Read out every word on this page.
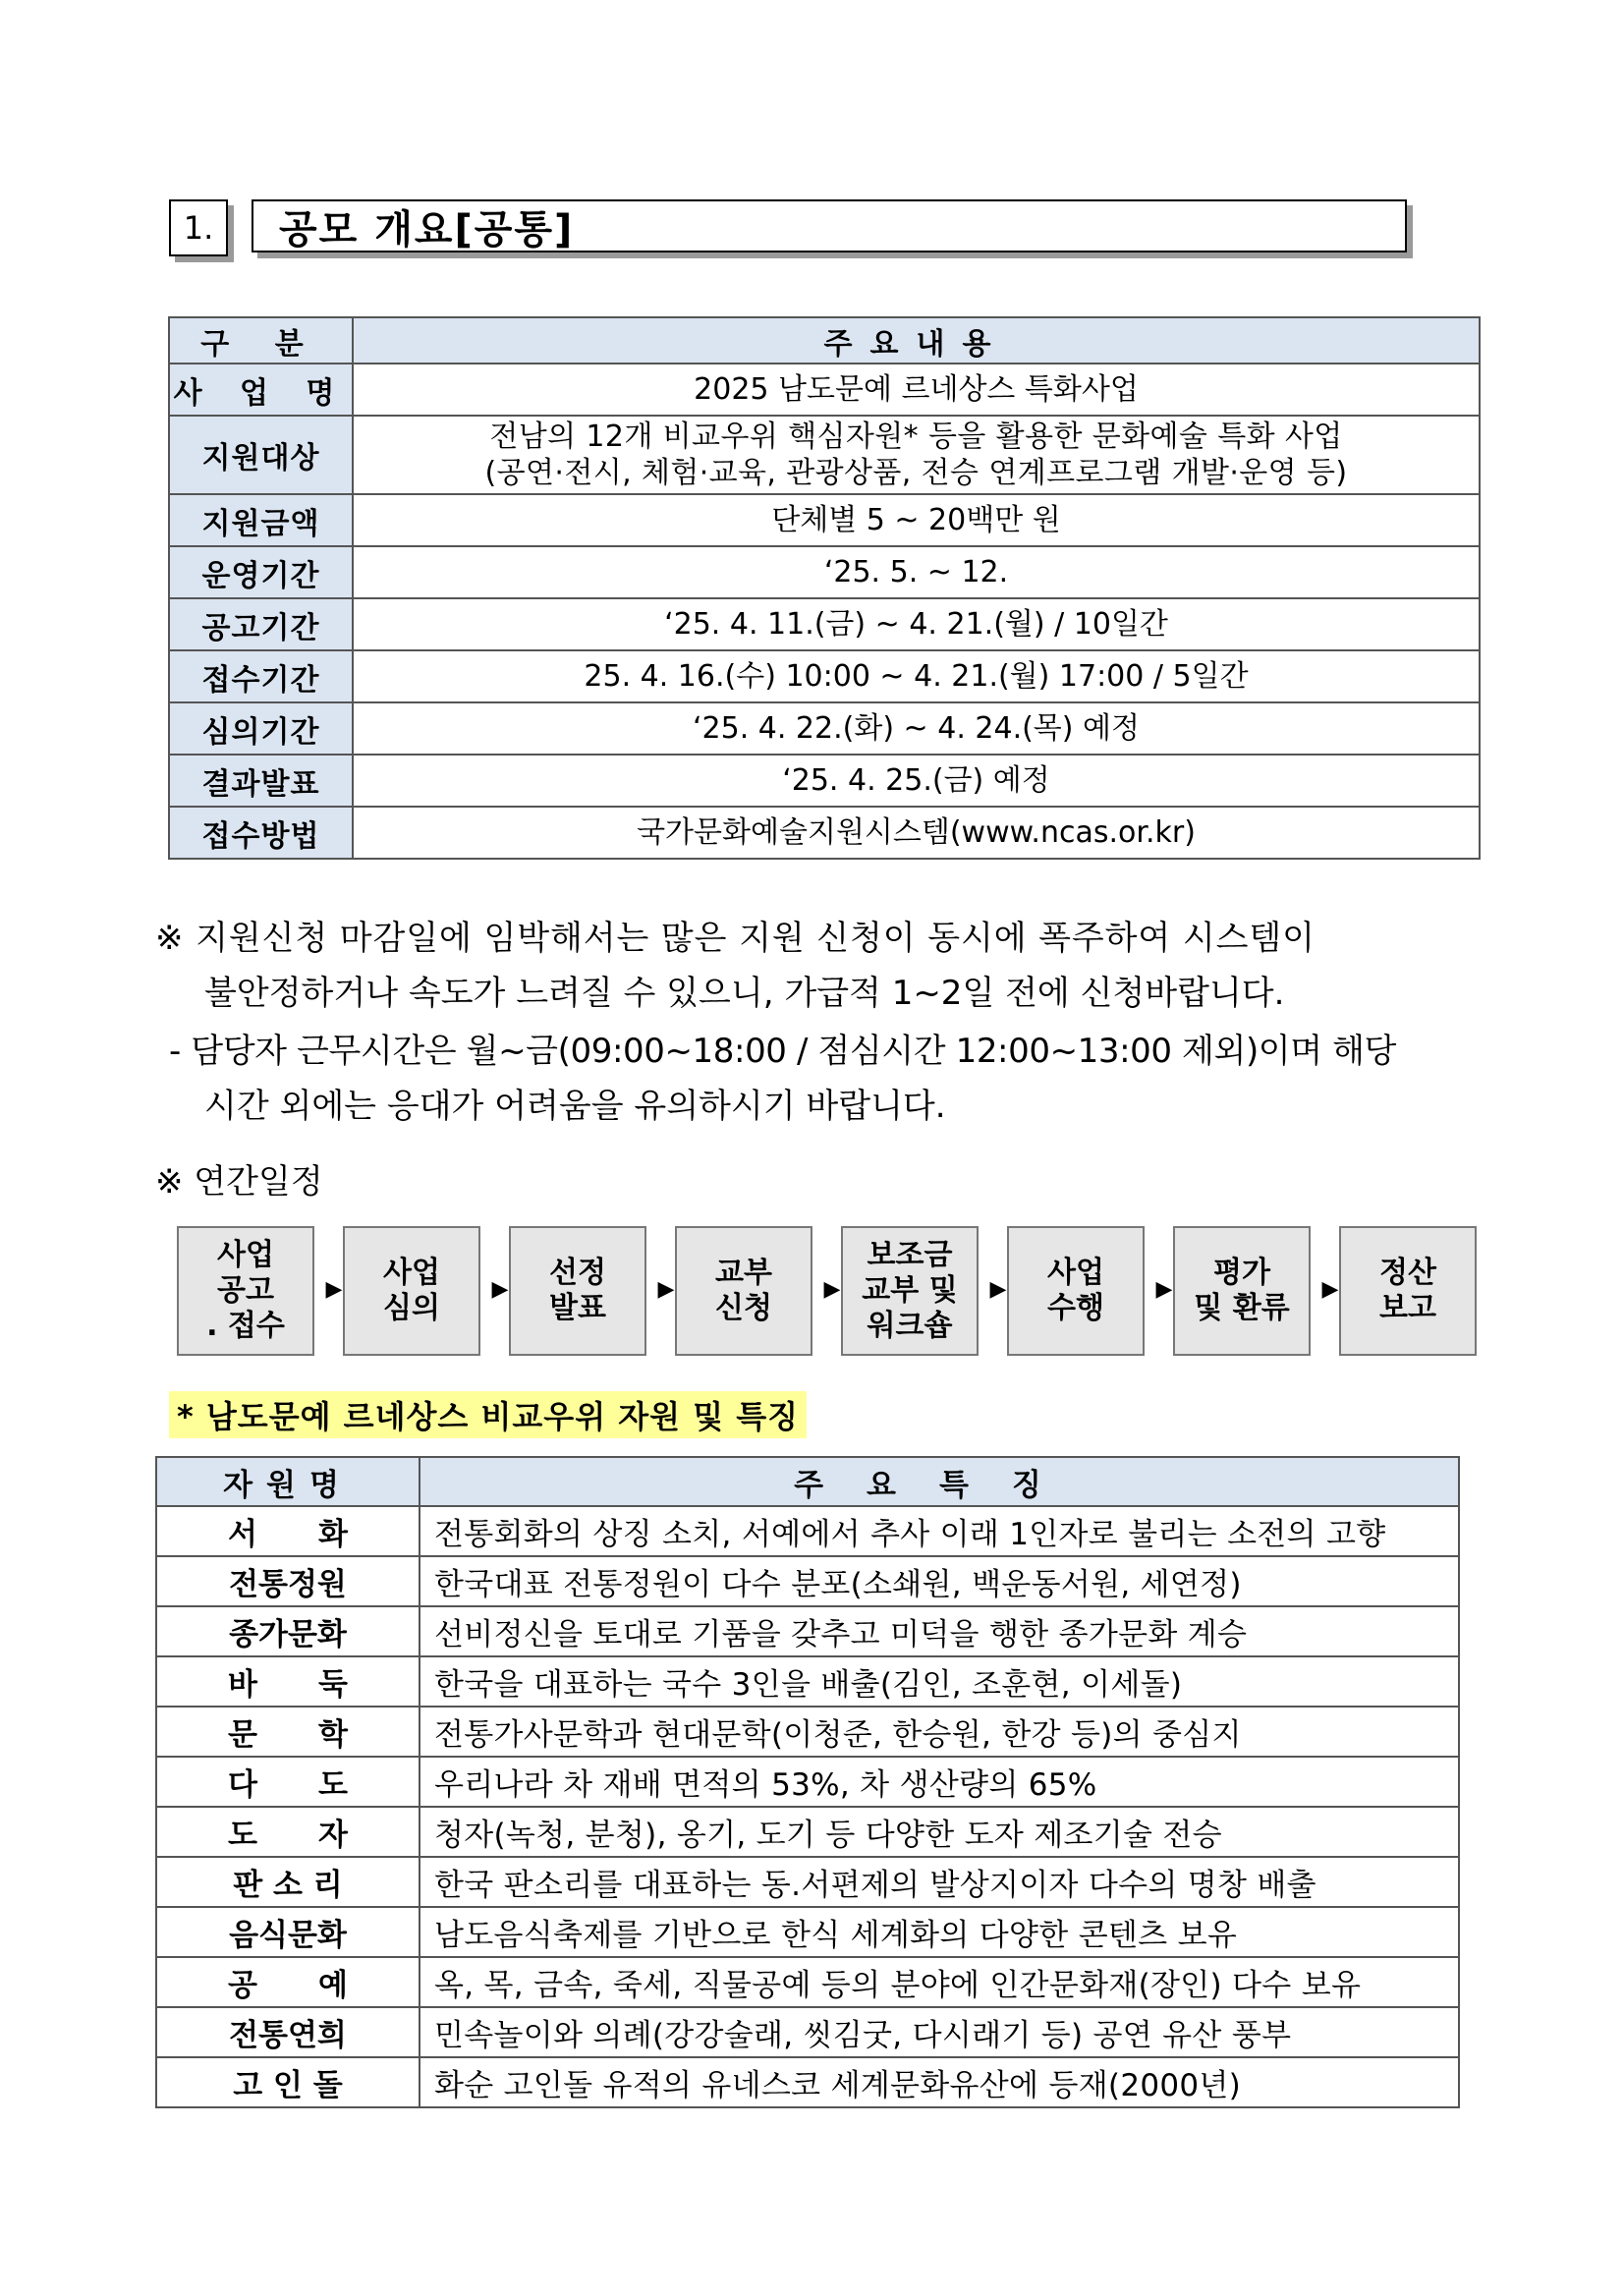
1.	공모 개요[공통]
구 분	주요내용
사 업 명	2025 남도문예 르네상스 특화사업
지원대상	전남의 12개 비교우위 핵심자원* 등을 활용한 문화예술 특화 사업
(공연·전시, 체험·교육, 관광상품, 전승 연계프로그램 개발·운영 등)
지원금액	단체별 5 ~ 20백만 원
운영기간	‘25. 5. ~ 12.
공고기간	‘25. 4. 11.(금) ~ 4. 21.(월) / 10일간
접수기간	25. 4. 16.(수) 10:00 ~ 4. 21.(월) 17:00 / 5일간
심의기간	‘25. 4. 22.(화) ~ 4. 24.(목) 예정
결과발표	‘25. 4. 25.(금) 예정
접수방법	국가문화예술지원시스템(www.ncas.or.kr)
※ 지원신청 마감일에 임박해서는 많은 지원 신청이 동시에 폭주하여 시스템이
불안정하거나 속도가 느려질 수 있으니, 가급적 1~2일 전에 신청바랍니다.
- 담당자 근무시간은 월~금(09:00~18:00 / 점심시간 12:00~13:00 제외)이며 해당
시간 외에는 응대가 어려움을 유의하시기 바랍니다.
※ 연간일정
사업
공고
. 접수
▶	사업
심의
▶	선정
발표
▶	교부
신청
▶
보조금
교부 및
워크숍
▶	사업
수행
▶	평가
및 환류
▶	정산
보고
* 남도문예 르네상스 비교우위 자원 및 특징
자원명	주요특징
서　　화	전통회화의 상징 소치, 서예에서 추사 이래 1인자로 불리는 소전의 고향
전통정원	한국대표 전통정원이 다수 분포(소쇄원, 백운동서원, 세연정)
종가문화	선비정신을 토대로 기품을 갖추고 미덕을 행한 종가문화 계승
바　　둑	한국을 대표하는 국수 3인을 배출(김인, 조훈현, 이세돌)
문　　학	전통가사문학과 현대문학(이청준, 한승원, 한강 등)의 중심지
다　　도	우리나라 차 재배 면적의 53%, 차 생산량의 65%
도　　자	청자(녹청, 분청), 옹기, 도기 등 다양한 도자 제조기술 전승
판 소 리	한국 판소리를 대표하는 동.서편제의 발상지이자 다수의 명창 배출
음식문화	남도음식축제를 기반으로 한식 세계화의 다양한 콘텐츠 보유
공　　예	옥, 목, 금속, 죽세, 직물공예 등의 분야에 인간문화재(장인) 다수 보유
전통연희	민속놀이와 의례(강강술래, 씻김굿, 다시래기 등) 공연 유산 풍부
고 인 돌	화순 고인돌 유적의 유네스코 세계문화유산에 등재(2000년)
